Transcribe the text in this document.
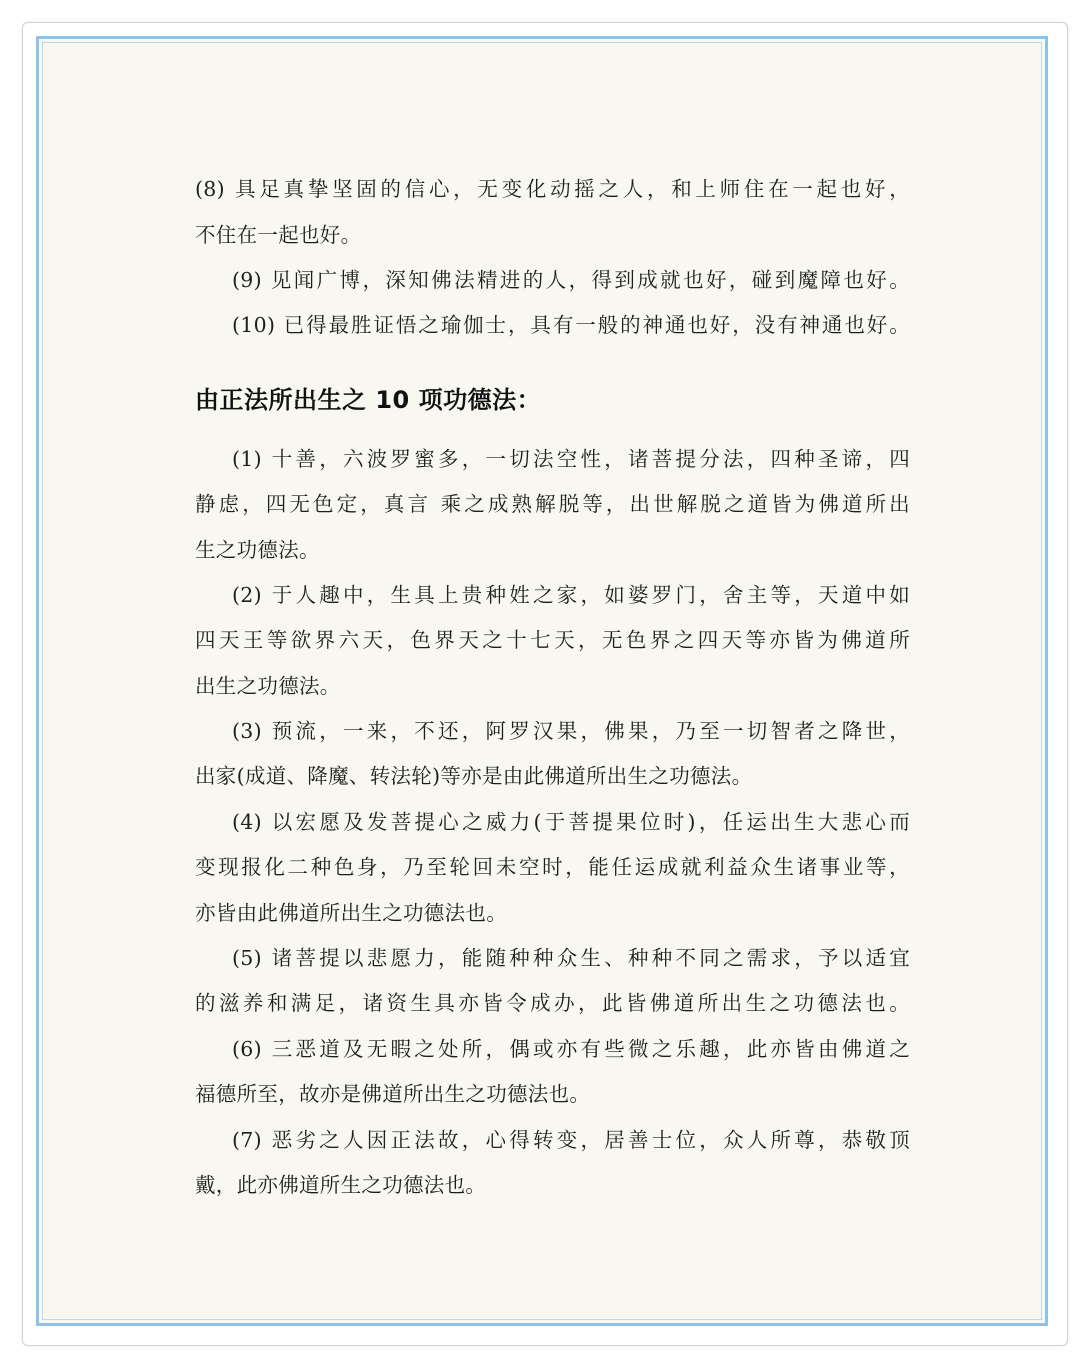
(8) 具足真挚坚固的信心，无变化动摇之人，和上师住在一起也好，
不住在一起也好。
(9) 见闻广博，深知佛法精进的人，得到成就也好，碰到魔障也好。
(10) 已得最胜证悟之瑜伽士，具有一般的神通也好，没有神通也好。
由正法所出生之 10 项功德法：
(1) 十善，六波罗蜜多，一切法空性，诸菩提分法，四种圣谛，四
静虑，四无色定，真言 乘之成熟解脱等，出世解脱之道皆为佛道所出
生之功德法。
(2) 于人趣中，生具上贵种姓之家，如婆罗门，舍主等，天道中如
四天王等欲界六天，色界天之十七天，无色界之四天等亦皆为佛道所
出生之功德法。
(3) 预流，一来，不还，阿罗汉果，佛果，乃至一切智者之降世，
出家(成道、降魔、转法轮)等亦是由此佛道所出生之功德法。
(4) 以宏愿及发菩提心之威力(于菩提果位时)，任运出生大悲心而
变现报化二种色身，乃至轮回未空时，能任运成就利益众生诸事业等，
亦皆由此佛道所出生之功德法也。
(5) 诸菩提以悲愿力，能随种种众生、种种不同之需求，予以适宜
的滋养和满足，诸资生具亦皆令成办，此皆佛道所出生之功德法也。
(6) 三恶道及无暇之处所，偶或亦有些微之乐趣，此亦皆由佛道之
福德所至，故亦是佛道所出生之功德法也。
(7) 恶劣之人因正法故，心得转变，居善士位，众人所尊，恭敬顶
戴，此亦佛道所生之功德法也。
